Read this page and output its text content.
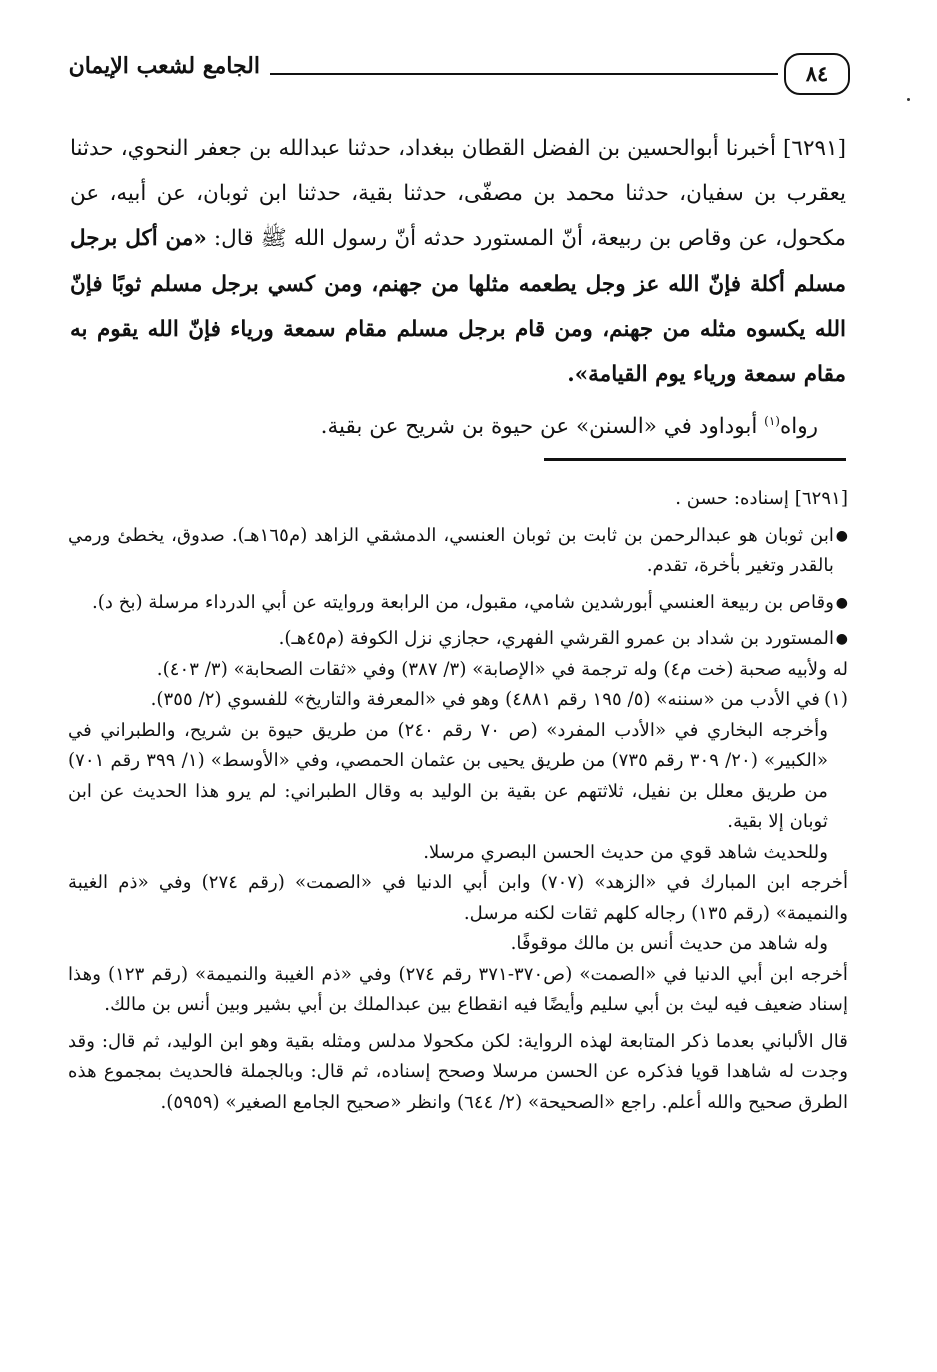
الجامع لشعب الإيمان	٨٤

[٦٢٩١] أخبرنا أبوالحسين بن الفضل القطان ببغداد، حدثنا عبدالله بن جعفر النحوي، حدثنا يعقرب بن سفيان، حدثنا محمد بن مصفّى، حدثنا بقية، حدثنا ابن ثوبان، عن أبيه، عن مكحول، عن وقاص بن ربيعة، أنّ المستورد حدثه أنّ رسول الله ﷺ قال: «من أكل برجل مسلم أكلة فإنّ الله عز وجل يطعمه مثلها من جهنم، ومن كسي برجل مسلم ثوبًا فإنّ الله يكسوه مثله من جهنم، ومن قام برجل مسلم مقام سمعة ورياء فإنّ الله يقوم به مقام سمعة ورياء يوم القيامة».

رواه$^{(١)}$ أبوداود في «السنن» عن حيوة بن شريح عن بقية.

[٦٢٩١] إسناده: حسن .

●
ابن ثوبان هو عبدالرحمن بن ثابت بن ثوبان العنسي، الدمشقي الزاهد (م١٦٥هـ). صدوق، يخطئ ورمي بالقدر وتغير بأخرة، تقدم.
●
وقاص بن ربيعة العنسي أبورشدين شامي، مقبول، من الرابعة وروايته عن أبي الدرداء مرسلة (بخ د).
●
المستورد بن شداد بن عمرو القرشي الفهري، حجازي نزل الكوفة (م٤٥هـ).

له ولأبيه صحبة (خت م٤) وله ترجمة في «الإصابة» (٣/ ٣٨٧) وفي «ثقات الصحابة» (٣/ ٤٠٣).

(١)
في الأدب من «سننه» (٥/ ١٩٥ رقم ٤٨٨١) وهو في «المعرفة والتاريخ» للفسوي (٢/ ٣٥٥).

وأخرجه البخاري في «الأدب المفرد» (ص ٧٠ رقم ٢٤٠) من طريق حيوة بن شريح، والطبراني في «الكبير» (٢٠/ ٣٠٩ رقم ٧٣٥) من طريق يحيى بن عثمان الحمصي، وفي «الأوسط» (١/ ٣٩٩ رقم ٧٠١) من طريق معلل بن نفيل، ثلاثتهم عن بقية بن الوليد به وقال الطبراني: لم يرو هذا الحديث عن ابن ثوبان إلا بقية.

وللحديث شاهد قوي من حديث الحسن البصري مرسلا.

أخرجه ابن المبارك في «الزهد» (٧٠٧) وابن أبي الدنيا في «الصمت» (رقم ٢٧٤) وفي «ذم الغيبة والنميمة» (رقم ١٣٥) رجاله كلهم ثقات لكنه مرسل.

وله شاهد من حديث أنس بن مالك موقوفًا.

أخرجه ابن أبي الدنيا في «الصمت» (ص٣٧٠-٣٧١ رقم ٢٧٤) وفي «ذم الغيبة والنميمة» (رقم ١٢٣) وهذا إسناد ضعيف فيه ليث بن أبي سليم وأيضًا فيه انقطاع بين عبدالملك بن أبي بشير وبين أنس بن مالك.

قال الألباني بعدما ذكر المتابعة لهذه الرواية: لكن مكحولا مدلس ومثله بقية وهو ابن الوليد، ثم قال: وقد وجدت له شاهدا قويا فذكره عن الحسن مرسلا وصحح إسناده، ثم قال: وبالجملة فالحديث بمجموع هذه الطرق صحيح والله أعلم. راجع «الصحيحة» (٢/ ٦٤٤) وانظر «صحيح الجامع الصغير» (٥٩٥٩).
